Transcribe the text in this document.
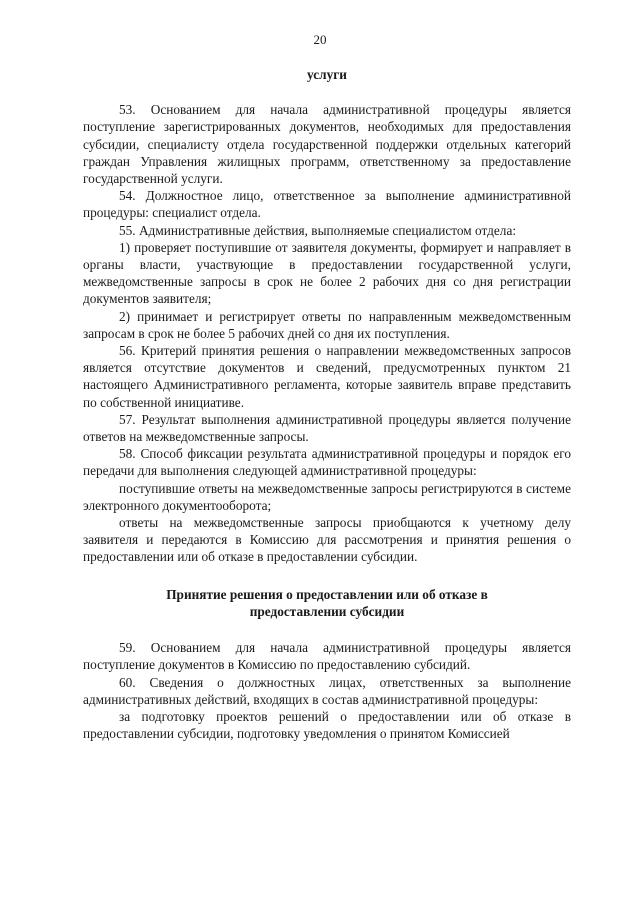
20
услуги

53. Основанием для начала административной процедуры является поступление зарегистрированных документов, необходимых для предоставления субсидии, специалисту отдела государственной поддержки отдельных категорий граждан Управления жилищных программ, ответственному за предоставление государственной услуги.

54. Должностное лицо, ответственное за выполнение административной процедуры: специалист отдела.

55. Административные действия, выполняемые специалистом отдела:

1) проверяет поступившие от заявителя документы, формирует и направляет в органы власти, участвующие в предоставлении государственной услуги, межведомственные запросы в срок не более 2 рабочих дня со дня регистрации документов заявителя;
2) принимает и регистрирует ответы по направленным межведомственным запросам в срок не более 5 рабочих дней со дня их поступления.

56. Критерий принятия решения о направлении межведомственных запросов является отсутствие документов и сведений, предусмотренных пунктом 21 настоящего Административного регламента, которые заявитель вправе представить по собственной инициативе.

57. Результат выполнения административной процедуры является получение ответов на межведомственные запросы.

58. Способ фиксации результата административной процедуры и порядок его передачи для выполнения следующей административной процедуры:

поступившие ответы на межведомственные запросы регистрируются в системе электронного документооборота;
ответы на межведомственные запросы приобщаются к учетному делу заявителя и передаются в Комиссию для рассмотрения и принятия решения о предоставлении или об отказе в предоставлении субсидии.
Принятие решения о предоставлении или об отказе в предоставлении субсидии

59. Основанием для начала административной процедуры является поступление документов в Комиссию по предоставлению субсидий.

60. Сведения о должностных лицах, ответственных за выполнение административных действий, входящих в состав административной процедуры:

за подготовку проектов решений о предоставлении или об отказе в предоставлении субсидии, подготовку уведомления о принятом Комиссией
